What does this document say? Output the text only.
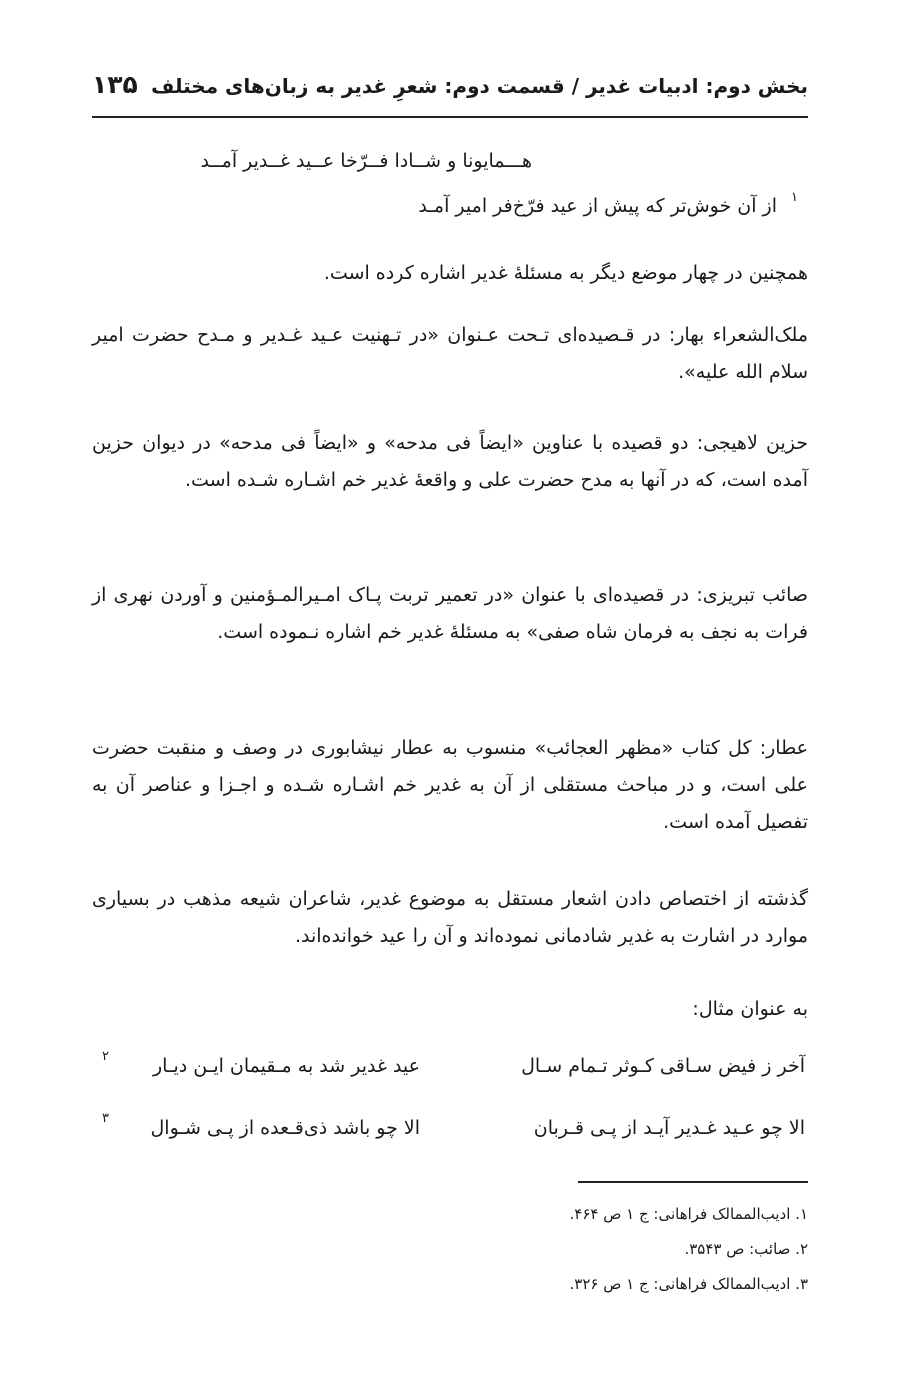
بخش دوم: ادبیات غدیر / قسمت دوم: شعرِ غدیر به زبان‌های مختلف
۱۳۵
هـــمایونا و شــادا فــرّخا عــید غــدیر آمــد
از آن خوش‌تر که پیش از عید فرّخ‌فر امیر آمـد ۱
همچنین در چهار موضع دیگر به مسئلهٔ غدیر اشاره کرده است.
ملک‌الشعراء بهار: در قـصیده‌ای تـحت عـنوان «در تـهنیت عـید غـدیر و مـدح حضرت امیر سلام الله علیه».
حزین لاهیجی: دو قصیده با عناوین «ایضاً فی مدحه» و «ایضاً فی مدحه» در دیوان حزین آمده است، که در آنها به مدح حضرت علی و واقعهٔ غدیر خم اشـاره شـده است.
صائب تبریزی: در قصیده‌ای با عنوان «در تعمیر تربت پـاک امـیرالمـؤمنین و آوردن نهری از فرات به نجف به فرمان شاه صفی» به مسئلهٔ غدیر خم اشاره نـموده است.
عطار: کل کتاب «مظهر العجائب» منسوب به عطار نیشابوری در وصف و منقبت حضرت علی است، و در مباحث مستقلی از آن به غدیر خم اشـاره شـده و اجـزا و عناصر آن به تفصیل آمده است.
گذشته از اختصاص دادن اشعار مستقل به موضوع غدیر، شاعران شیعه مذهب در بسیاری موارد در اشارت به غدیر شادمانی نموده‌اند و آن را عید خوانده‌اند.
به عنوان مثال:
آخر ز فیض سـاقی کـوثر تـمام سـال
عید غدیر شد به مـقیمان ایـن دیـار
۲
الا چو عـید غـدیر آیـد از پـی قـربان
الا چو باشد ذی‌قـعده از پـی شـوال
۳
۱. ادیب‌الممالک فراهانی: ج ۱ ص ۴۶۴.
۲. صائب: ص ۳۵۴۳.
۳. ادیب‌الممالک فراهانی: ج ۱ ص ۳۲۶.
